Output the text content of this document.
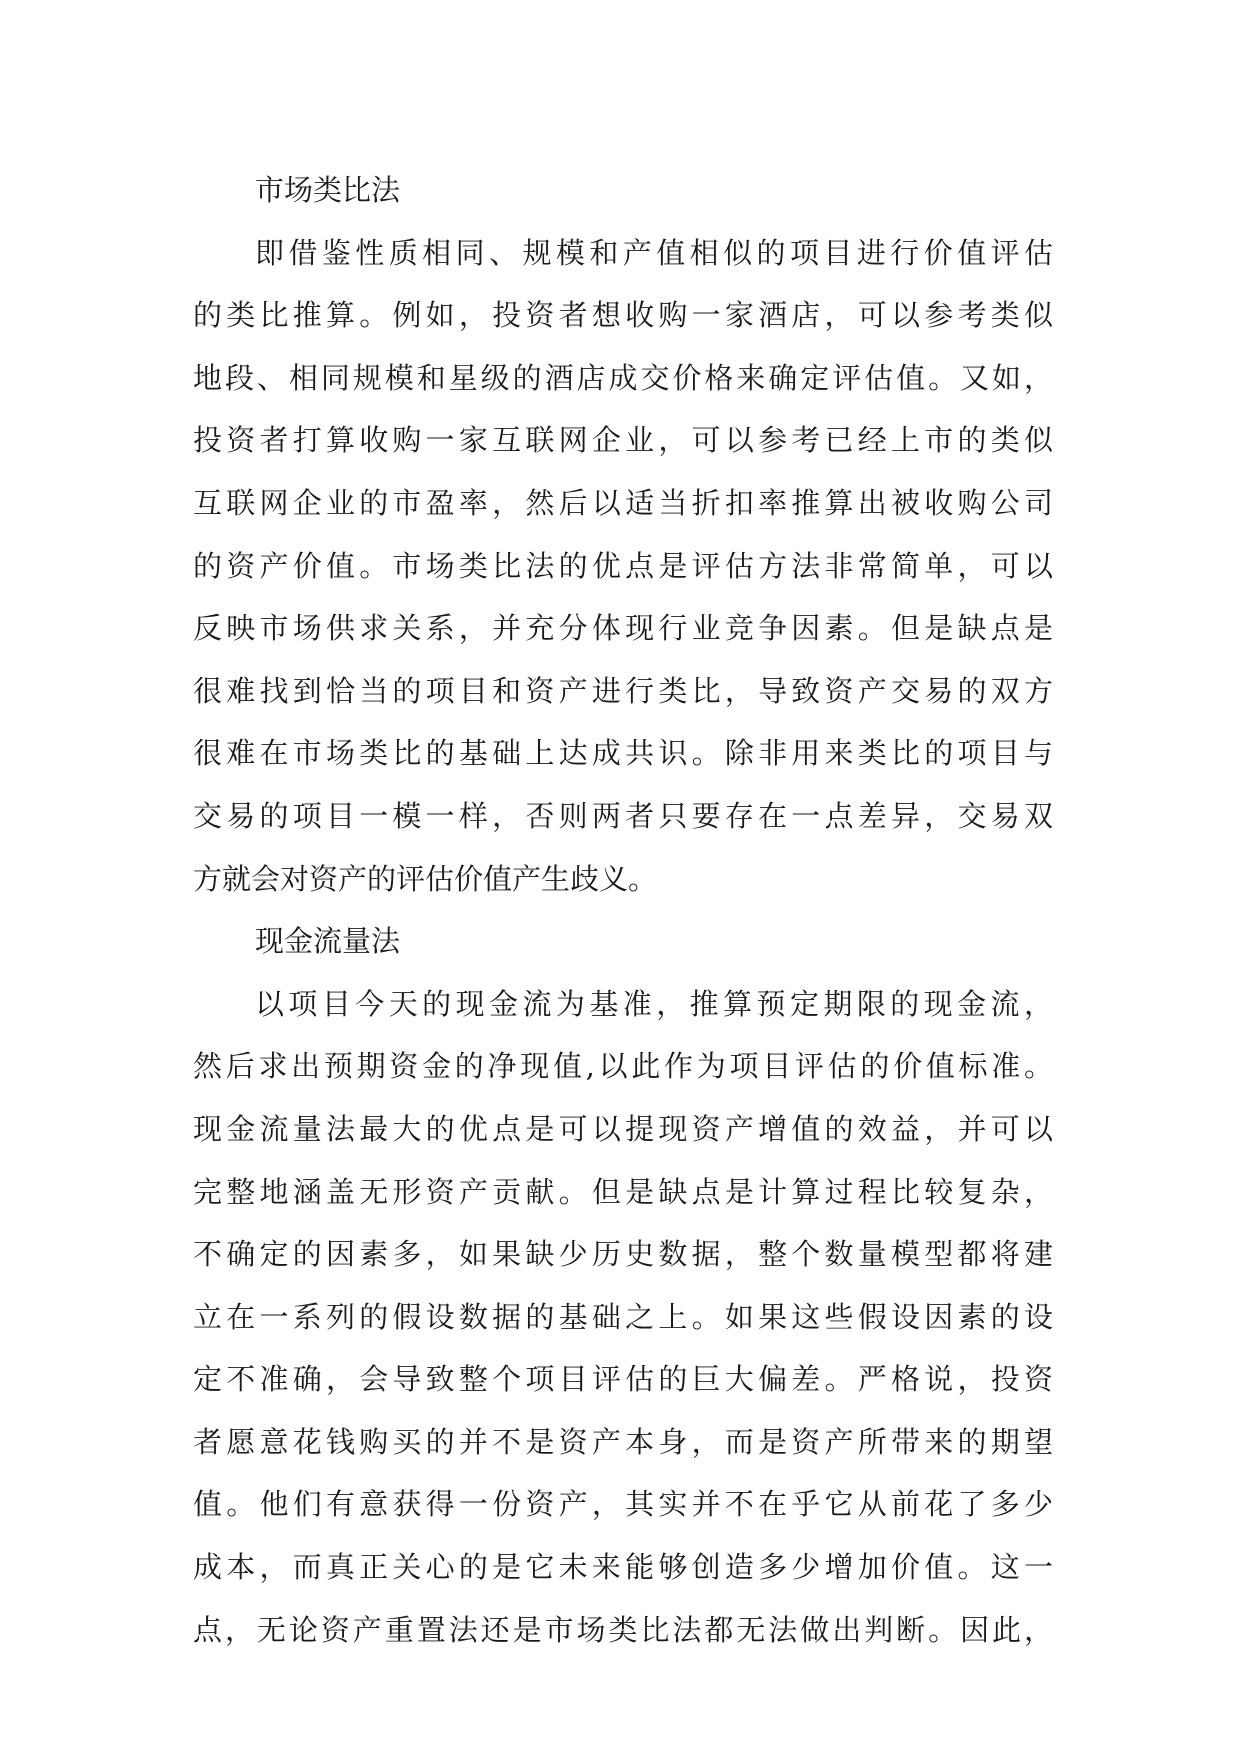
市场类比法
即借鉴性质相同、规模和产值相似的项目进行价值评估
的类比推算。例如，投资者想收购一家酒店，可以参考类似
地段、相同规模和星级的酒店成交价格来确定评估值。又如，
投资者打算收购一家互联网企业，可以参考已经上市的类似
互联网企业的市盈率，然后以适当折扣率推算出被收购公司
的资产价值。市场类比法的优点是评估方法非常简单，可以
反映市场供求关系，并充分体现行业竞争因素。但是缺点是
很难找到恰当的项目和资产进行类比，导致资产交易的双方
很难在市场类比的基础上达成共识。除非用来类比的项目与
交易的项目一模一样，否则两者只要存在一点差异，交易双
方就会对资产的评估价值产生歧义。
现金流量法
以项目今天的现金流为基准，推算预定期限的现金流，
然后求出预期资金的净现值,以此作为项目评估的价值标准。
现金流量法最大的优点是可以提现资产增值的效益，并可以
完整地涵盖无形资产贡献。但是缺点是计算过程比较复杂，
不确定的因素多，如果缺少历史数据，整个数量模型都将建
立在一系列的假设数据的基础之上。如果这些假设因素的设
定不准确，会导致整个项目评估的巨大偏差。严格说，投资
者愿意花钱购买的并不是资产本身，而是资产所带来的期望
值。他们有意获得一份资产，其实并不在乎它从前花了多少
成本，而真正关心的是它未来能够创造多少增加价值。这一
点，无论资产重置法还是市场类比法都无法做出判断。因此，
